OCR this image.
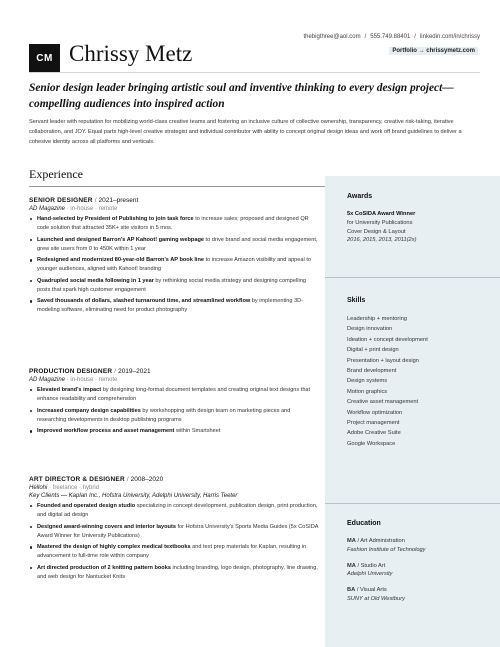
CM Chrissy Metz
thebigthree@aol.com / 555.749.88401 / linkedin.com/in/chrissy
Portfolio → chrissymetz.com
Senior design leader bringing artistic soul and inventive thinking to every design project—compelling audiences into inspired action
Servant leader with reputation for mobilizing world-class creative teams and fostering an inclusive culture of collective ownership, transparency, creative risk-taking, iterative collaboration, and JOY. Equal parts high-level creative strategist and individual contributor with ability to concept original design ideas and work off brand guidelines to deliver a cohesive identity across all platforms and verticals.
Awards
5x CoSIDA Award Winner
for University Publications
Cover Design & Layout
2016, 2015, 2013, 2011(2x)
Skills
Leadership + mentoring
Design innovation
Ideation + concept development
Digital + print design
Presentation + layout design
Brand development
Design systems
Motion graphics
Creative asset management
Workflow optimization
Project management
Adobe Creative Suite
Google Workspace
Education
MA / Art Administration
Fashion Institute of Technology
MA / Studio Art
Adelphi University
BA / Visual Arts
SUNY at Old Westbury
Experience
SENIOR DESIGNER / 2021–present
AD Magazine · in-house · remote
Hand-selected by President of Publishing to join task force to increase sales; proposed and designed QR code solution that attracted 35K+ site visitors in 5 mos.
Launched and designed Barron's AP Kahoot! gaming webpage to drive brand and social media engagement, grew site users from 0 to 450K within 1 year
Redesigned and modernized 80-year-old Barron's AP book line to increase Amazon visibility and appeal to younger audiences, aligned with Kahoot! branding
Quadrupled social media following in 1 year by rethinking social media strategy and designing compelling posts that spark high customer engagement
Saved thousands of dollars, slashed turnaround time, and streamlined workflow by implementing 3D-modeling software, eliminating need for product photography
PRODUCTION DESIGNER / 2019–2021
AD Magazine · in-house · remote
Elevated brand's impact by designing long-format document templates and creating original text designs that enhance readability and comprehension
Increased company design capabilities by workshopping with design team on marketing pieces and researching developments in desktop publishing programs
Improved workflow process and asset management within Smartsheet
ART DIRECTOR & DESIGNER / 2008–2020
Hellohi · freelance · hybrid
Key Clients — Kaplan Inc., Hofstra University, Adelphi University, Harris Teeter
Founded and operated design studio specializing in concept development, publication design, print production, and digital ad design
Designed award-winning covers and interior layouts for Hofstra University's Sports Media Guides (5x CoSIDA Award Winner for University Publications)
Mastered the design of highly complex medical textbooks and test prep materials for Kaplan, resulting in advancement to full-time role within company
Art directed production of 2 knitting pattern books including branding, logo design, photography, line drawing, and web design for Nantucket Knits
